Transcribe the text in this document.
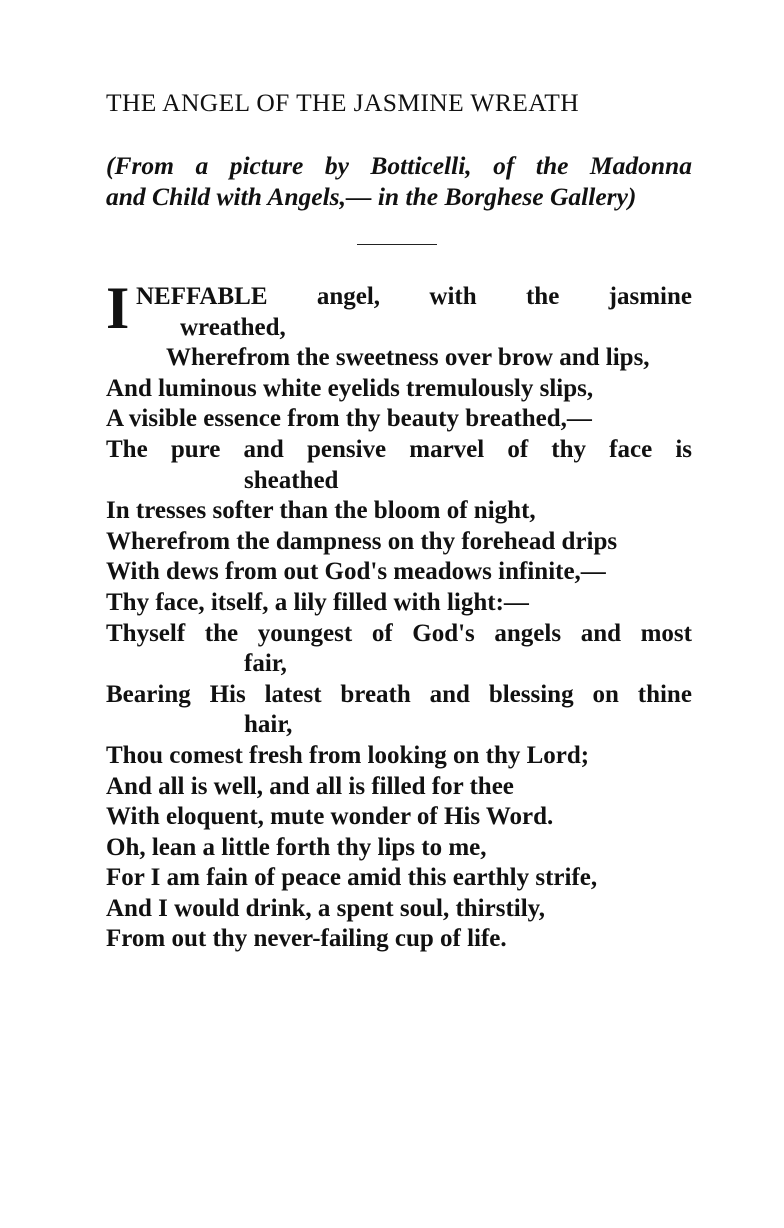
THE ANGEL OF THE JASMINE WREATH
(From a picture by Botticelli, of the Madonna
and Child with Angels,— in the Borghese Gallery)
I NEFFABLE angel, with the jasmine
wreathed,
Wherefrom the sweetness over brow and lips,
And luminous white eyelids tremulously slips,
A visible essence from thy beauty breathed,—
The pure and pensive marvel of thy face is
sheathed
In tresses softer than the bloom of night,
Wherefrom the dampness on thy forehead drips
With dews from out God's meadows infinite,—
Thy face, itself, a lily filled with light:—
Thyself the youngest of God's angels and most
fair,
Bearing His latest breath and blessing on thine
hair,
Thou comest fresh from looking on thy Lord;
And all is well, and all is filled for thee
With eloquent, mute wonder of His Word.
Oh, lean a little forth thy lips to me,
For I am fain of peace amid this earthly strife,
And I would drink, a spent soul, thirstily,
From out thy never-failing cup of life.
